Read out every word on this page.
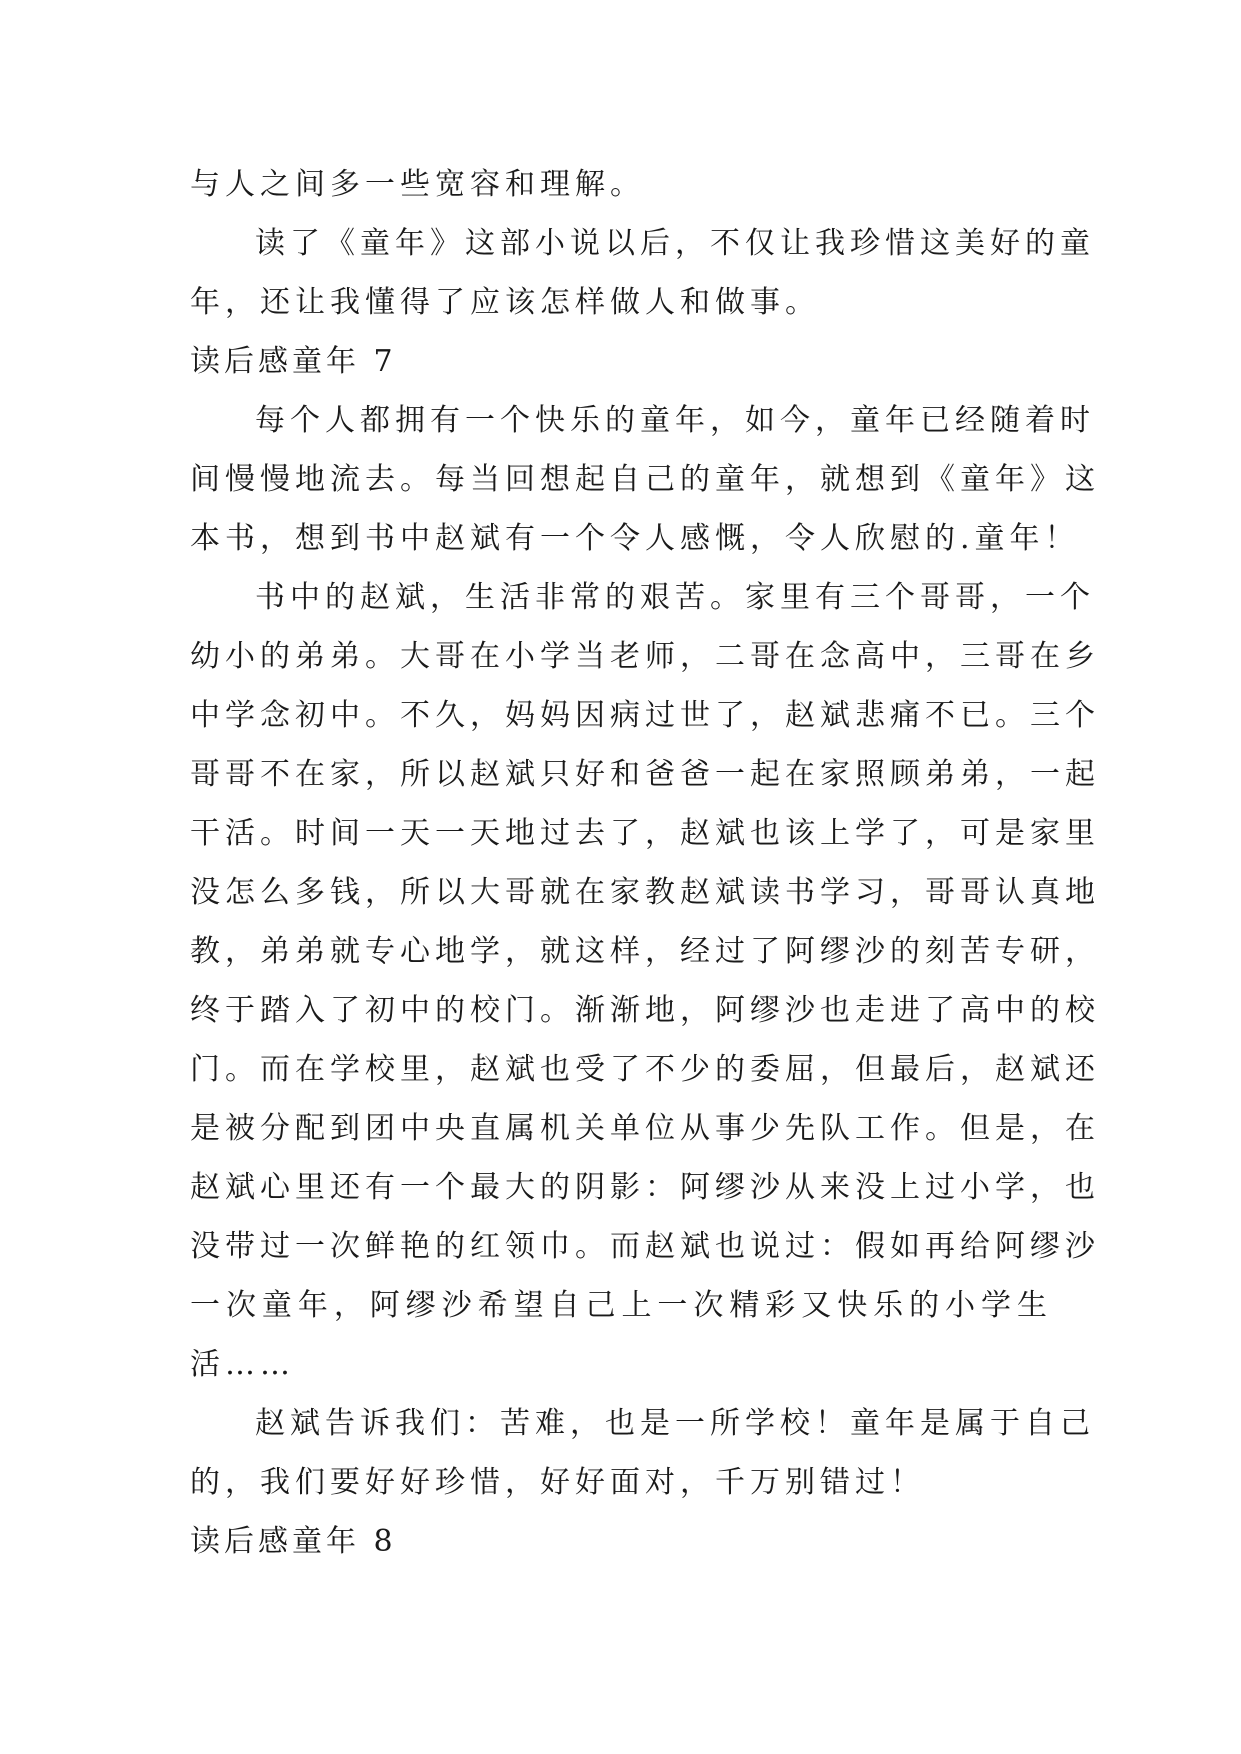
与人之间多一些宽容和理解。
读了《童年》这部小说以后，不仅让我珍惜这美好的童
年，还让我懂得了应该怎样做人和做事。
读后感童年 7
每个人都拥有一个快乐的童年，如今，童年已经随着时
间慢慢地流去。每当回想起自己的童年，就想到《童年》这
本书，想到书中赵斌有一个令人感慨，令人欣慰的.童年！
书中的赵斌，生活非常的艰苦。家里有三个哥哥，一个
幼小的弟弟。大哥在小学当老师，二哥在念高中，三哥在乡
中学念初中。不久，妈妈因病过世了，赵斌悲痛不已。三个
哥哥不在家，所以赵斌只好和爸爸一起在家照顾弟弟，一起
干活。时间一天一天地过去了，赵斌也该上学了，可是家里
没怎么多钱，所以大哥就在家教赵斌读书学习，哥哥认真地
教，弟弟就专心地学，就这样，经过了阿缪沙的刻苦专研，
终于踏入了初中的校门。渐渐地，阿缪沙也走进了高中的校
门。而在学校里，赵斌也受了不少的委屈，但最后，赵斌还
是被分配到团中央直属机关单位从事少先队工作。但是，在
赵斌心里还有一个最大的阴影：阿缪沙从来没上过小学，也
没带过一次鲜艳的红领巾。而赵斌也说过：假如再给阿缪沙
一次童年，阿缪沙希望自己上一次精彩又快乐的小学生
活……
赵斌告诉我们：苦难，也是一所学校！童年是属于自己
的，我们要好好珍惜，好好面对，千万别错过！
读后感童年 8
